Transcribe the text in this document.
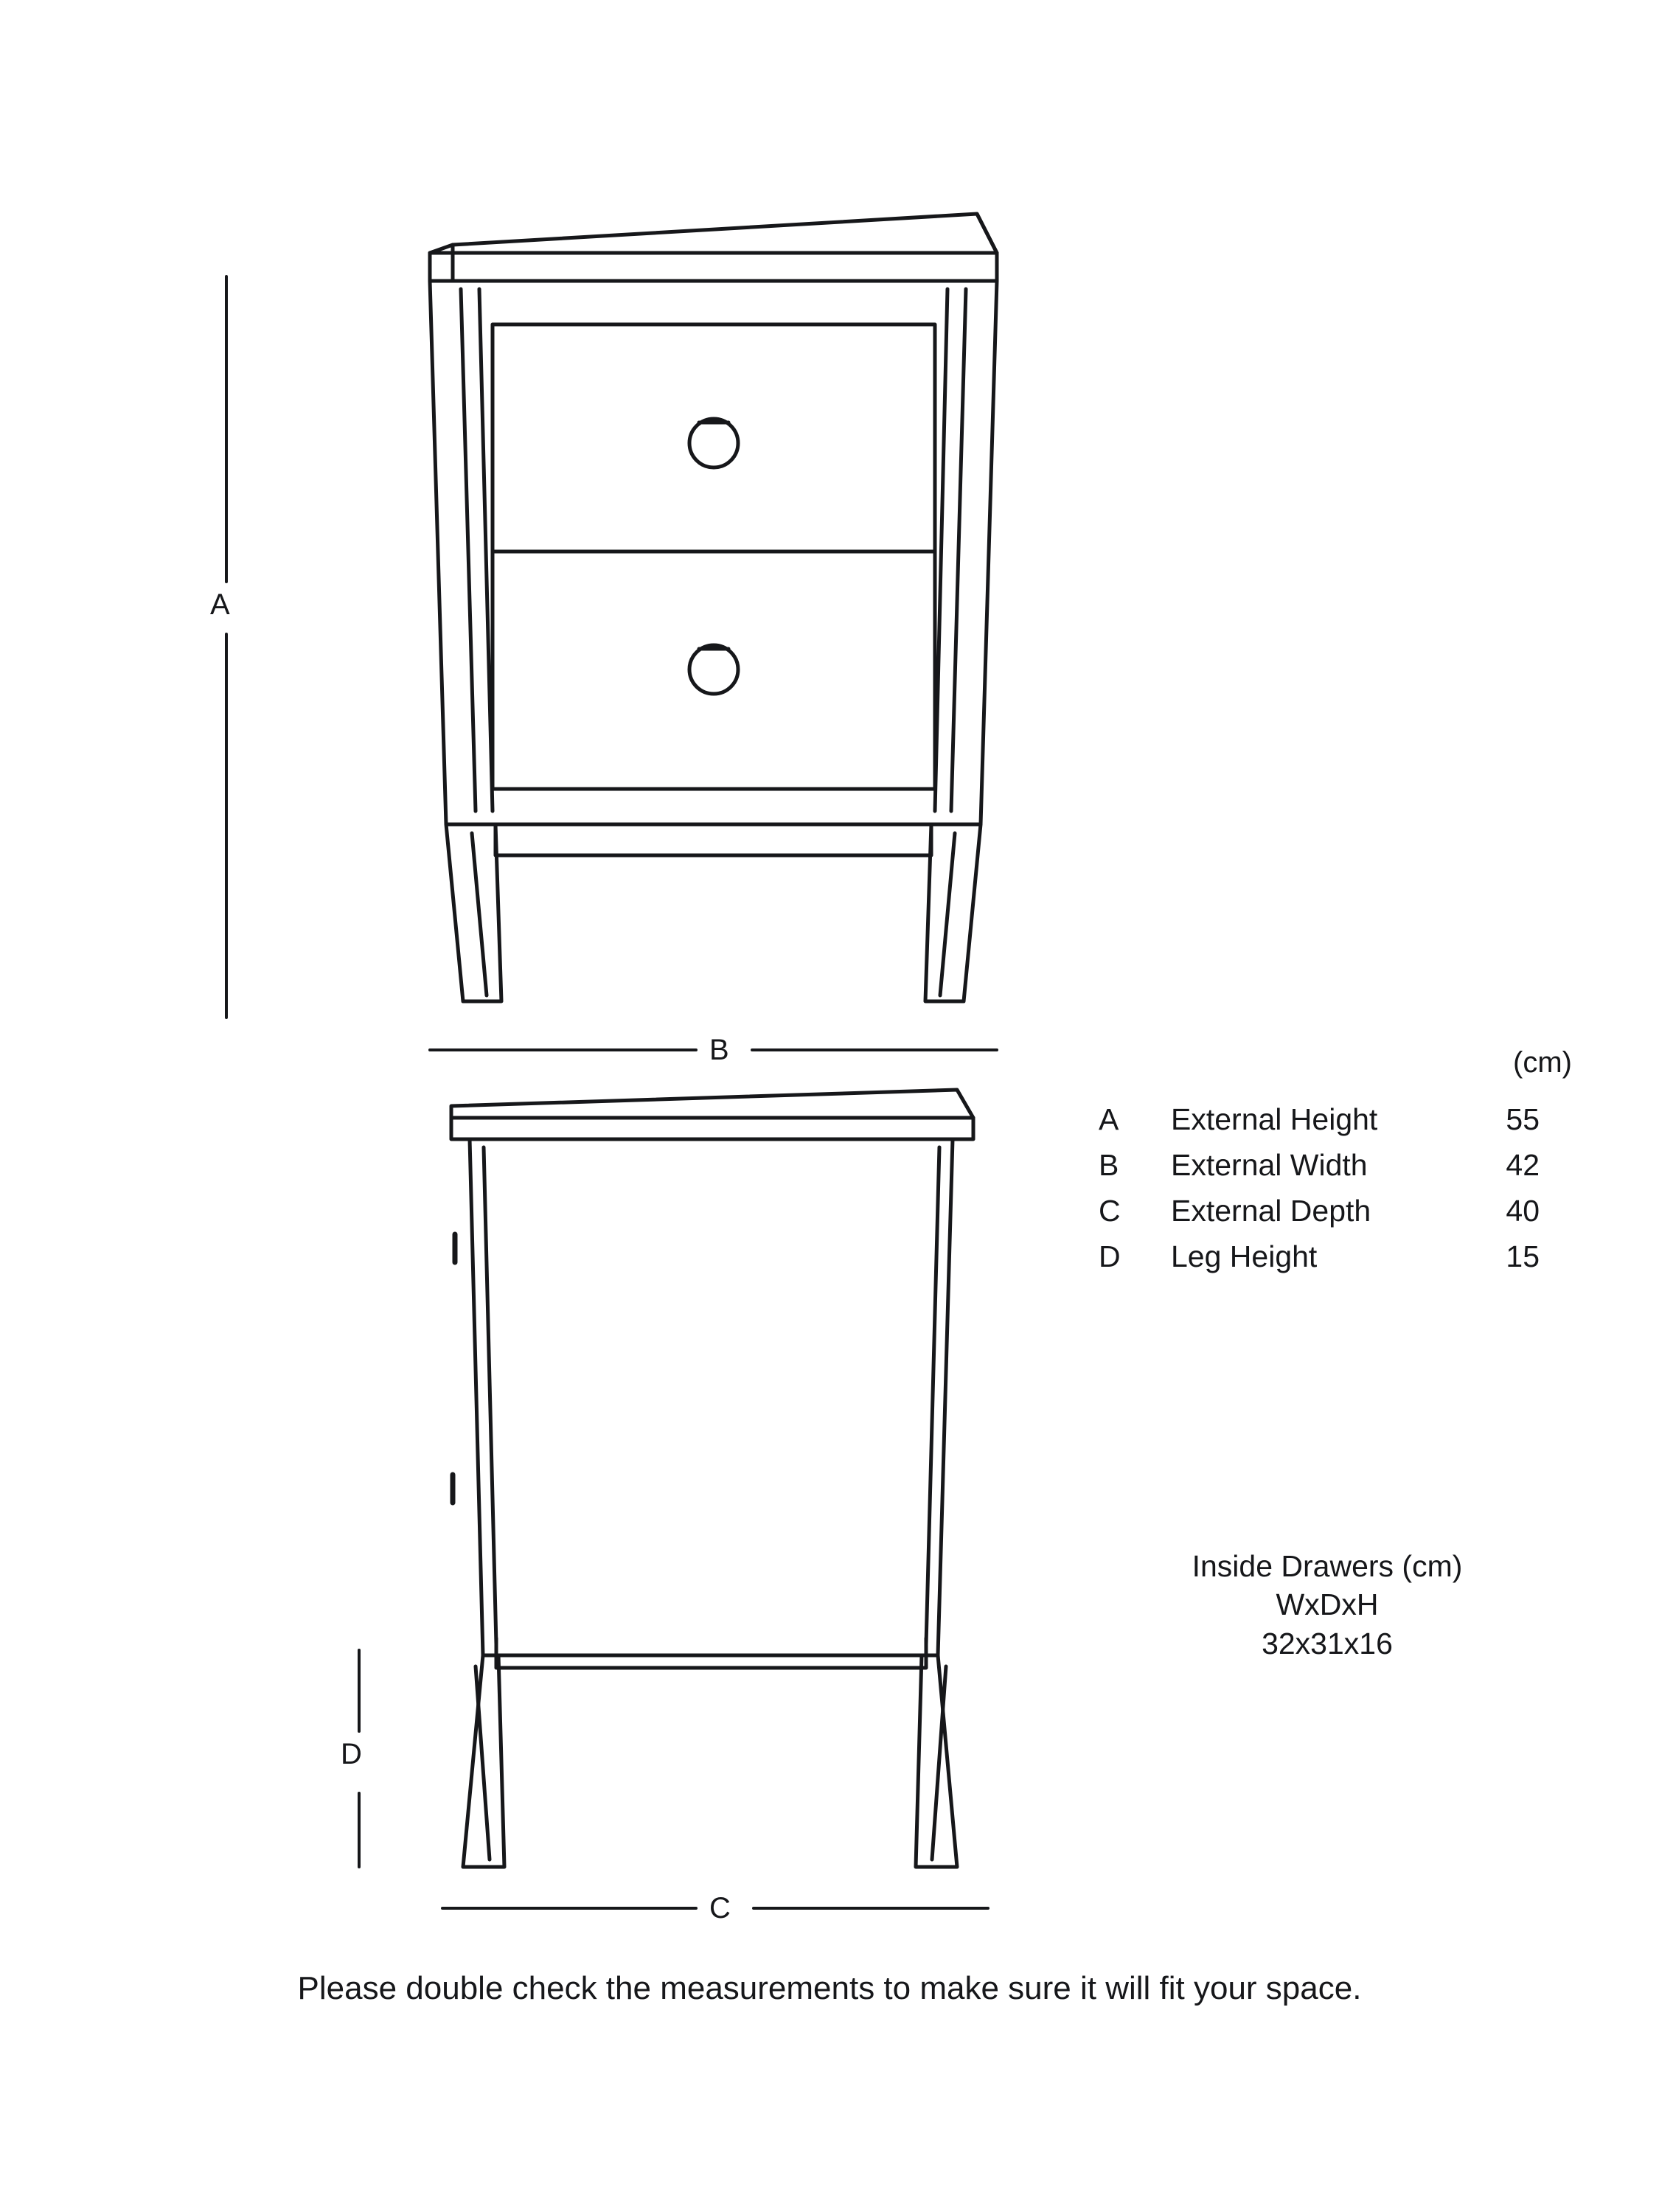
A
B
C
D
(cm)
A	External Height	55
B	External Width	42
C	External Depth	40
D	Leg Height	15
Inside Drawers (cm)
WxDxH
32x31x16
Please double check the measurements to make sure it will fit your space.
